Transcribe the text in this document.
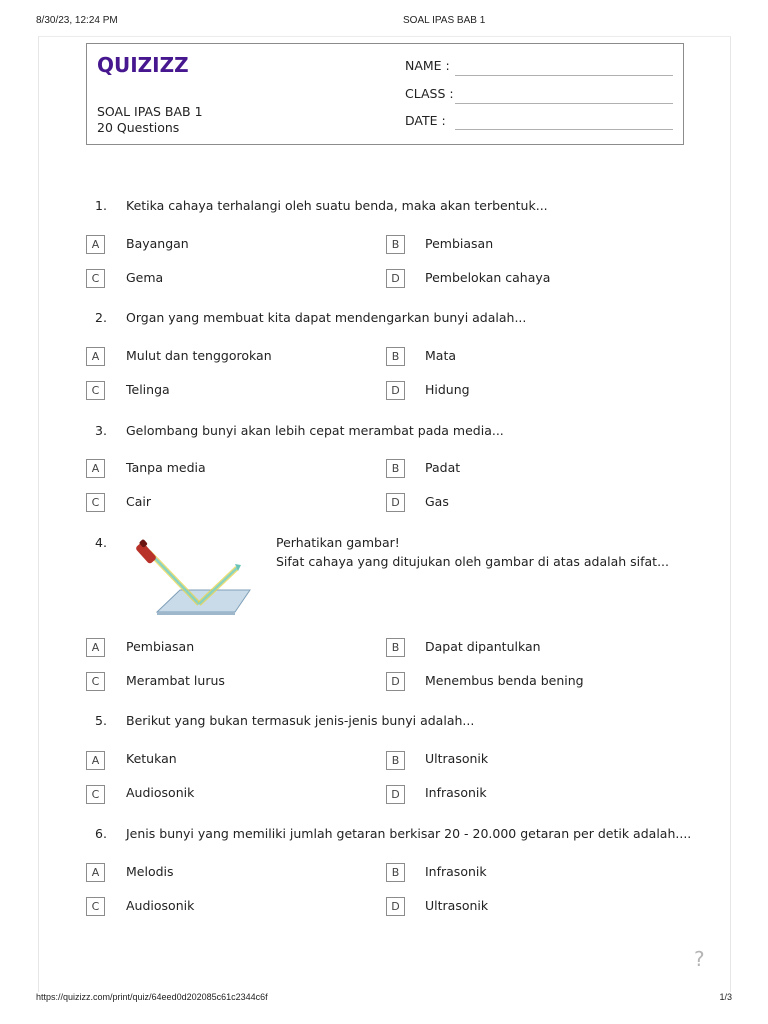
8/30/23, 12:24 PM	SOAL IPAS BAB 1
QUIZIZZ
SOAL IPAS BAB 1
20 Questions
NAME :
CLASS :
DATE :
1. Ketika cahaya terhalangi oleh suatu benda, maka akan terbentuk...
A	Bayangan	B	Pembiasan
C	Gema	D	Pembelokan cahaya
2. Organ yang membuat kita dapat mendengarkan bunyi adalah...
A	Mulut dan tenggorokan	B	Mata
C	Telinga	D	Hidung
3. Gelombang bunyi akan lebih cepat merambat pada media...
A	Tanpa media	B	Padat
C	Cair	D	Gas
4.	Perhatikan gambar!
Sifat cahaya yang ditujukan oleh gambar di atas adalah sifat...
A	Pembiasan	B	Dapat dipantulkan
C	Merambat lurus	D	Menembus benda bening
5. Berikut yang bukan termasuk jenis-jenis bunyi adalah...
A	Ketukan	B	Ultrasonik
C	Audiosonik	D	Infrasonik
6. Jenis bunyi yang memiliki jumlah getaran berkisar 20 - 20.000 getaran per detik adalah....
A	Melodis	B	Infrasonik
C	Audiosonik	D	Ultrasonik
?
https://quizizz.com/print/quiz/64eed0d202085c61c2344c6f	1/3
